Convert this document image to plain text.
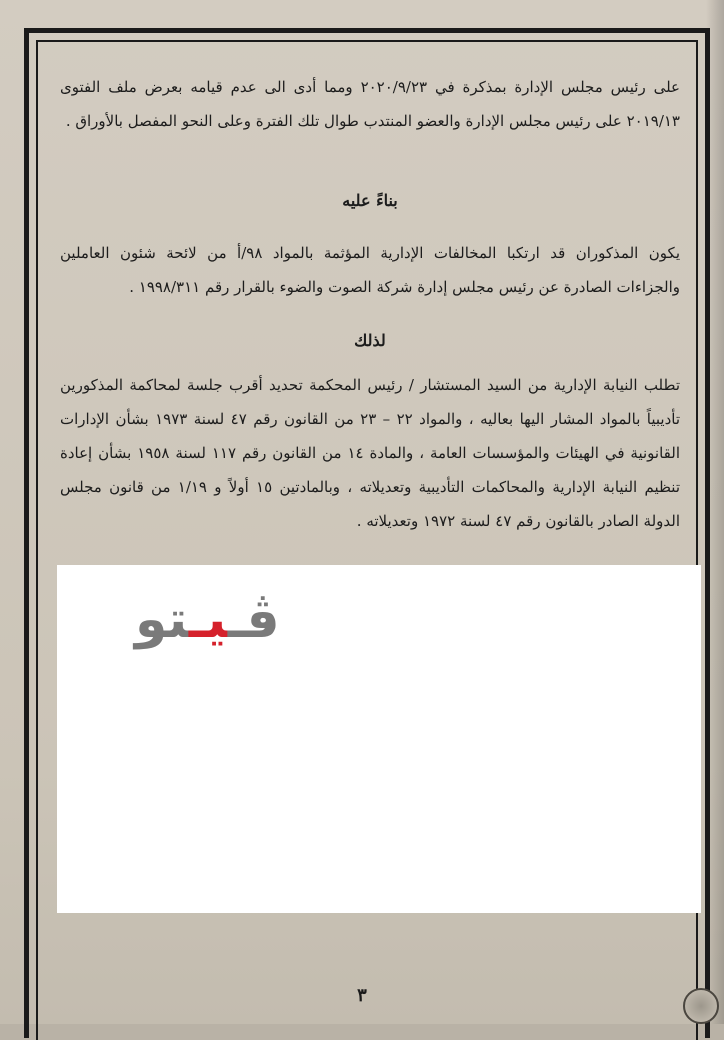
على رئيس مجلس الإدارة بمذكرة في ٢٠٢٠/٩/٢٣ ومما أدى الى عدم قيامه بعرض ملف الفتوى ٢٠١٩/١٣ على رئيس مجلس الإدارة والعضو المنتدب طوال تلك الفترة وعلى النحو المفصل بالأوراق .

بناءً عليه

يكون المذكوران قد ارتكبا المخالفات الإدارية المؤثمة بالمواد ٩٨/أ من لائحة شئون العاملين والجزاءات الصادرة عن رئيس مجلس إدارة شركة الصوت والضوء بالقرار رقم ١٩٩٨/٣١١ .

لذلك

تطلب النيابة الإدارية من السيد المستشار / رئيس المحكمة تحديد أقرب جلسة لمحاكمة المذكورين تأديبياً بالمواد المشار اليها بعاليه ، والمواد ٢٢ – ٢٣ من القانون رقم ٤٧ لسنة ١٩٧٣ بشأن الإدارات القانونية في الهيئات والمؤسسات العامة ، والمادة ١٤ من القانون رقم ١١٧ لسنة ١٩٥٨ بشأن إعادة تنظيم النيابة الإدارية والمحاكمات التأديبية وتعديلاته ، وبالمادتين ١٥ أولاً و ١/١٩ من قانون مجلس الدولة الصادر بالقانون رقم ٤٧ لسنة ١٩٧٢ وتعديلاته .

ڤـيـتو
٣
